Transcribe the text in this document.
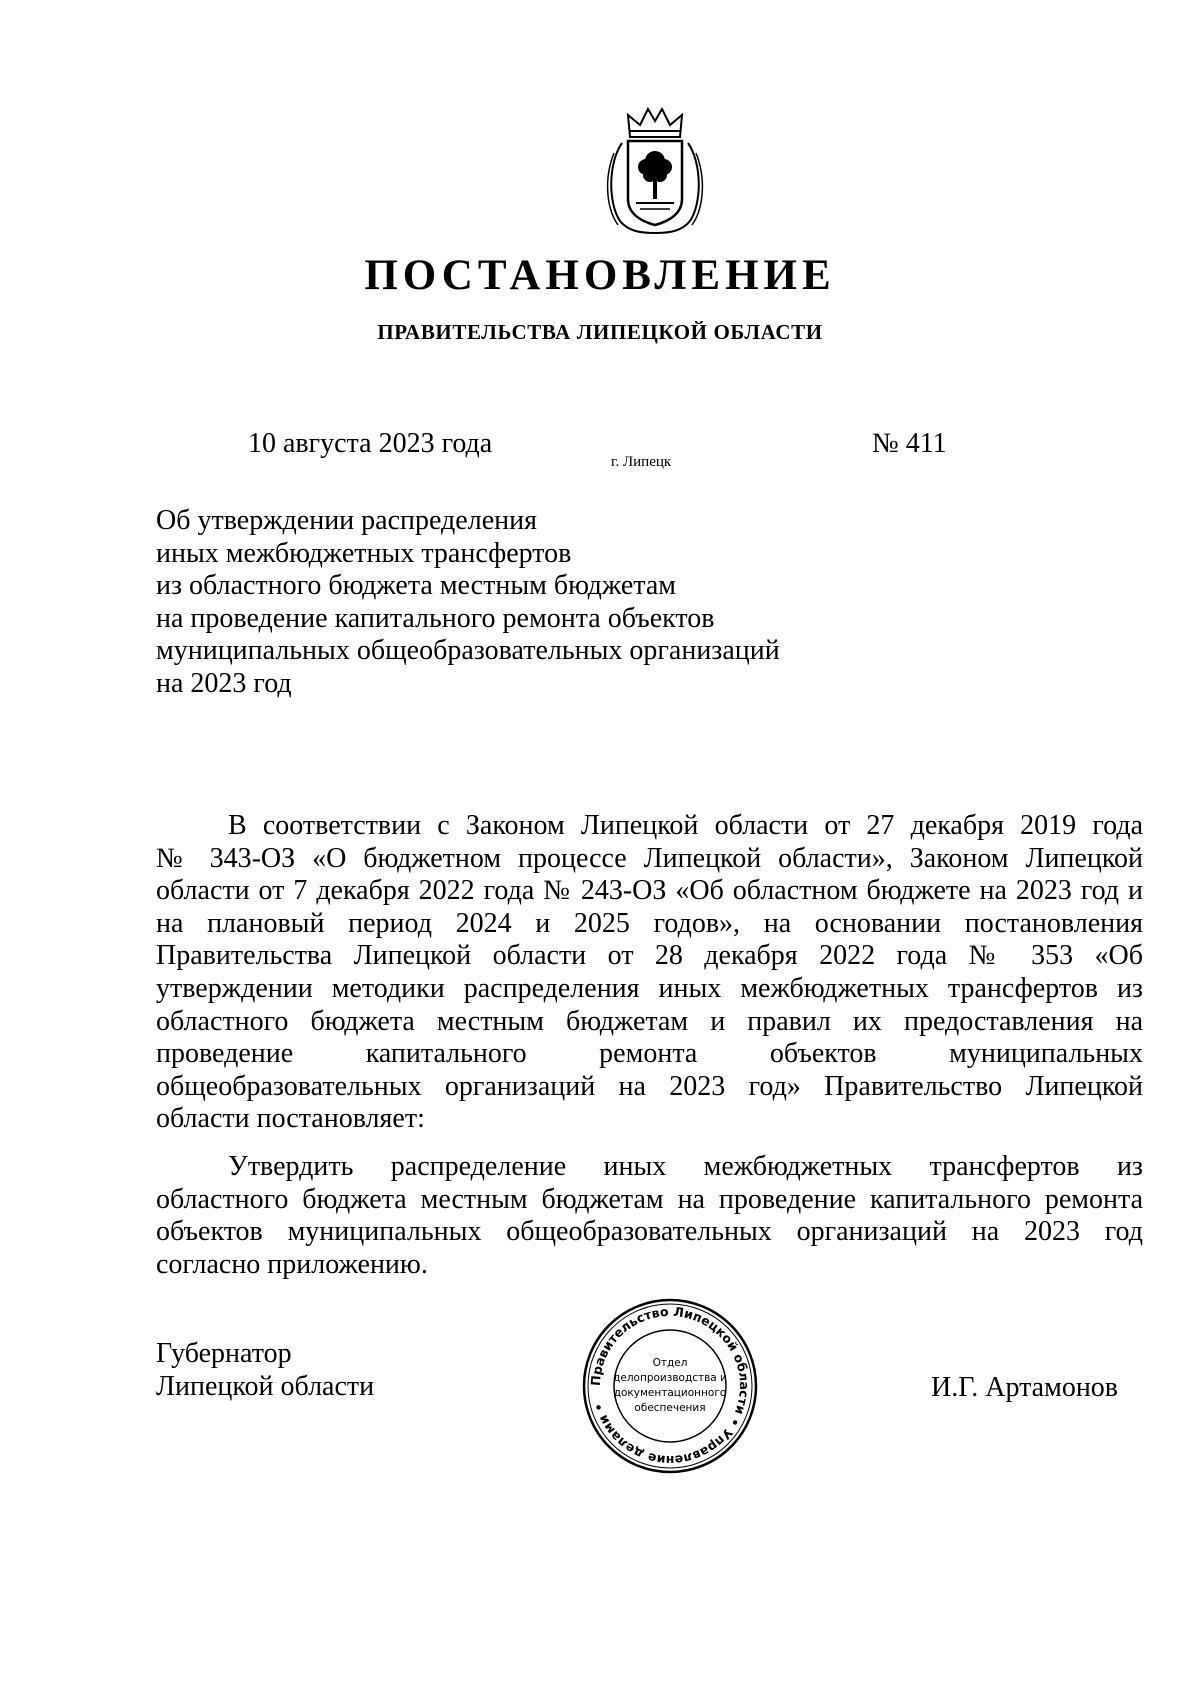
ПОСТАНОВЛЕНИЕ
ПРАВИТЕЛЬСТВА ЛИПЕЦКОЙ ОБЛАСТИ
10 августа 2023 года
г. Липецк
№ 411
Об утверждении распределения
иных межбюджетных трансфертов
из областного бюджета местным бюджетам
на проведение капитального ремонта объектов
муниципальных общеобразовательных организаций
на 2023 год
В соответствии с Законом Липецкой области от 27 декабря 2019 года
№ 343-ОЗ «О бюджетном процессе Липецкой области», Законом Липецкой
области от 7 декабря 2022 года № 243-ОЗ «Об областном бюджете на 2023 год и
на плановый период 2024 и 2025 годов», на основании постановления
Правительства Липецкой области от 28 декабря 2022 года № 353 «Об
утверждении методики распределения иных межбюджетных трансфертов из
областного бюджета местным бюджетам и правил их предоставления на
проведение капитального ремонта объектов муниципальных
общеобразовательных организаций на 2023 год» Правительство Липецкой
области постановляет:
Утвердить распределение иных межбюджетных трансфертов из
областного бюджета местным бюджетам на проведение капитального ремонта
объектов муниципальных общеобразовательных организаций на 2023 год
согласно приложению.
Губернатор
Липецкой области	И.Г. Артамонов
Правительство Липецкой области • Управление делами •
Отдел
делопроизводства и
документационного
обеспечения
